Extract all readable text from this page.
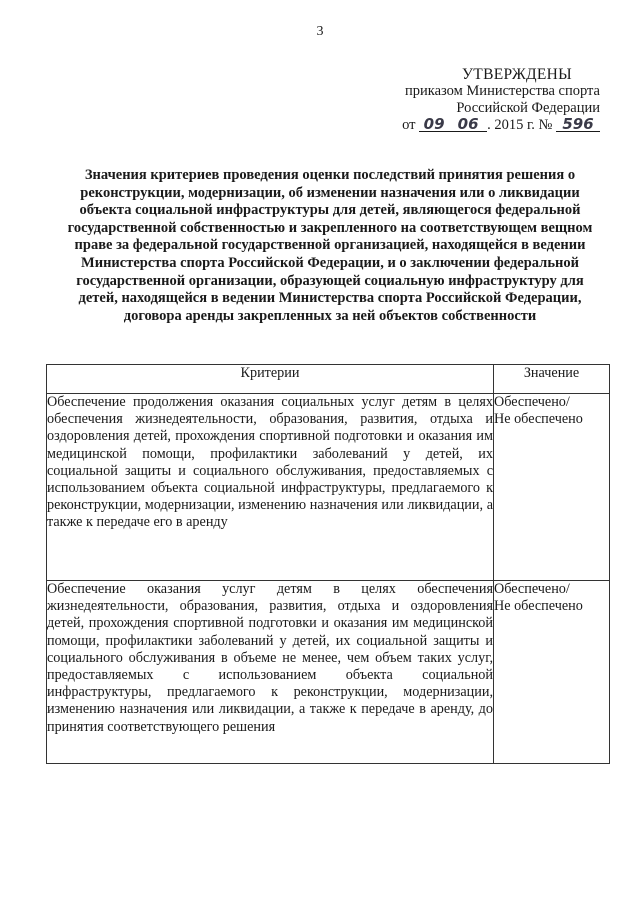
3
УТВЕРЖДЕНЫ
приказом Министерства спорта
Российской Федерации
от 09 06 . 2015 г. № 596
Значения критериев проведения оценки последствий принятия решения о реконструкции, модернизации, об изменении назначения или о ликвидации объекта социальной инфраструктуры для детей, являющегося федеральной государственной собственностью и закрепленного на соответствующем вещном праве за федеральной государственной организацией, находящейся в ведении Министерства спорта Российской Федерации, и о заключении федеральной государственной организации, образующей социальную инфраструктуру для детей, находящейся в ведении Министерства спорта Российской Федерации, договора аренды закрепленных за ней объектов собственности
Критерии	Значение
Обеспечение продолжения оказания социальных услуг детям в целях обеспечения жизнедеятельности, образования, развития, отдыха и оздоровления детей, прохождения спортивной подготовки и оказания им медицинской помощи, профилактики заболеваний у детей, их социальной защиты и социального обслуживания, предоставляемых с использованием объекта социальной инфраструктуры, предлагаемого к реконструкции, модернизации, изменению назначения или ликвидации, а также к передаче его в аренду	Обеспечено/
Не обеспечено

Обеспечение оказания услуг детям в целях обеспечения жизнедеятельности, образования, развития, отдыха и оздоровления детей, прохождения спортивной подготовки и оказания им медицинской помощи, профилактики заболеваний у детей, их социальной защиты и социального обслуживания в объеме не менее, чем объем таких услуг, предоставляемых с использованием объекта социальной инфраструктуры, предлагаемого к реконструкции, модернизации, изменению назначения или ликвидации, а также к передаче в аренду, до принятия соответствующего решения	Обеспечено/
Не обеспечено
